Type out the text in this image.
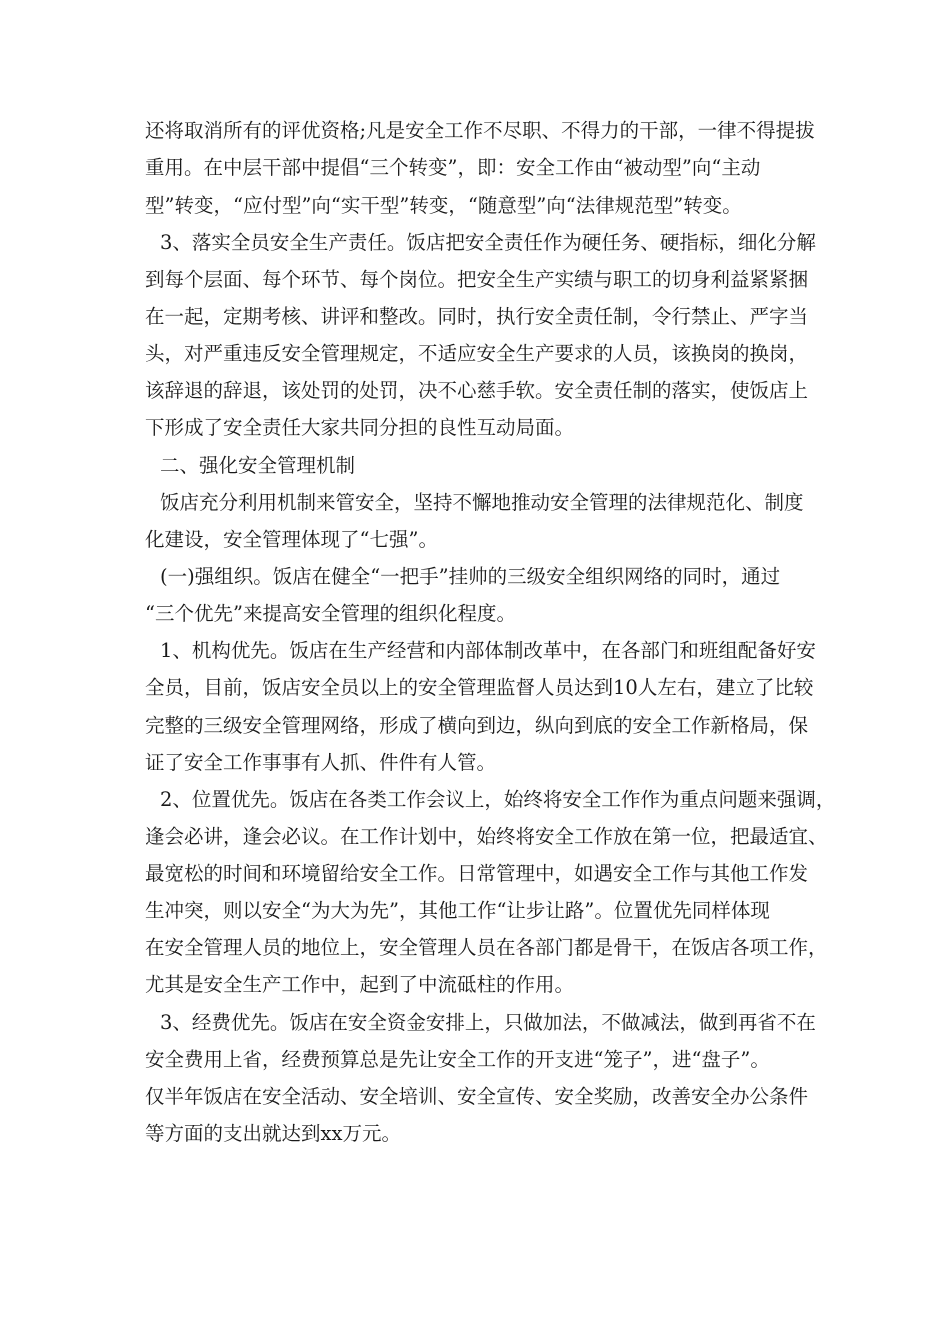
还将取消所有的评优资格;凡是安全工作不尽职、不得力的干部，一律不得提拔
重用。在中层干部中提倡“三个转变”，即：安全工作由“被动型”向“主动
型”转变，“应付型”向“实干型”转变，“随意型”向“法律规范型”转变。
3、落实全员安全生产责任。饭店把安全责任作为硬任务、硬指标，细化分解
到每个层面、每个环节、每个岗位。把安全生产实绩与职工的切身利益紧紧捆
在一起，定期考核、讲评和整改。同时，执行安全责任制，令行禁止、严字当
头，对严重违反安全管理规定，不适应安全生产要求的人员，该换岗的换岗，
该辞退的辞退，该处罚的处罚，决不心慈手软。安全责任制的落实，使饭店上
下形成了安全责任大家共同分担的良性互动局面。
二、强化安全管理机制
饭店充分利用机制来管安全，坚持不懈地推动安全管理的法律规范化、制度
化建设，安全管理体现了“七强”。
(一)强组织。饭店在健全“一把手”挂帅的三级安全组织网络的同时，通过
“三个优先”来提高安全管理的组织化程度。
1、机构优先。饭店在生产经营和内部体制改革中，在各部门和班组配备好安
全员，目前，饭店安全员以上的安全管理监督人员达到10人左右，建立了比较
完整的三级安全管理网络，形成了横向到边，纵向到底的安全工作新格局，保
证了安全工作事事有人抓、件件有人管。
2、位置优先。饭店在各类工作会议上，始终将安全工作作为重点问题来强调，
逢会必讲，逢会必议。在工作计划中，始终将安全工作放在第一位，把最适宜、
最宽松的时间和环境留给安全工作。日常管理中，如遇安全工作与其他工作发
生冲突，则以安全“为大为先”，其他工作“让步让路”。位置优先同样体现
在安全管理人员的地位上，安全管理人员在各部门都是骨干，在饭店各项工作，
尤其是安全生产工作中，起到了中流砥柱的作用。
3、经费优先。饭店在安全资金安排上，只做加法，不做减法，做到再省不在
安全费用上省，经费预算总是先让安全工作的开支进“笼子”，进“盘子”。
仅半年饭店在安全活动、安全培训、安全宣传、安全奖励，改善安全办公条件
等方面的支出就达到xx万元。
